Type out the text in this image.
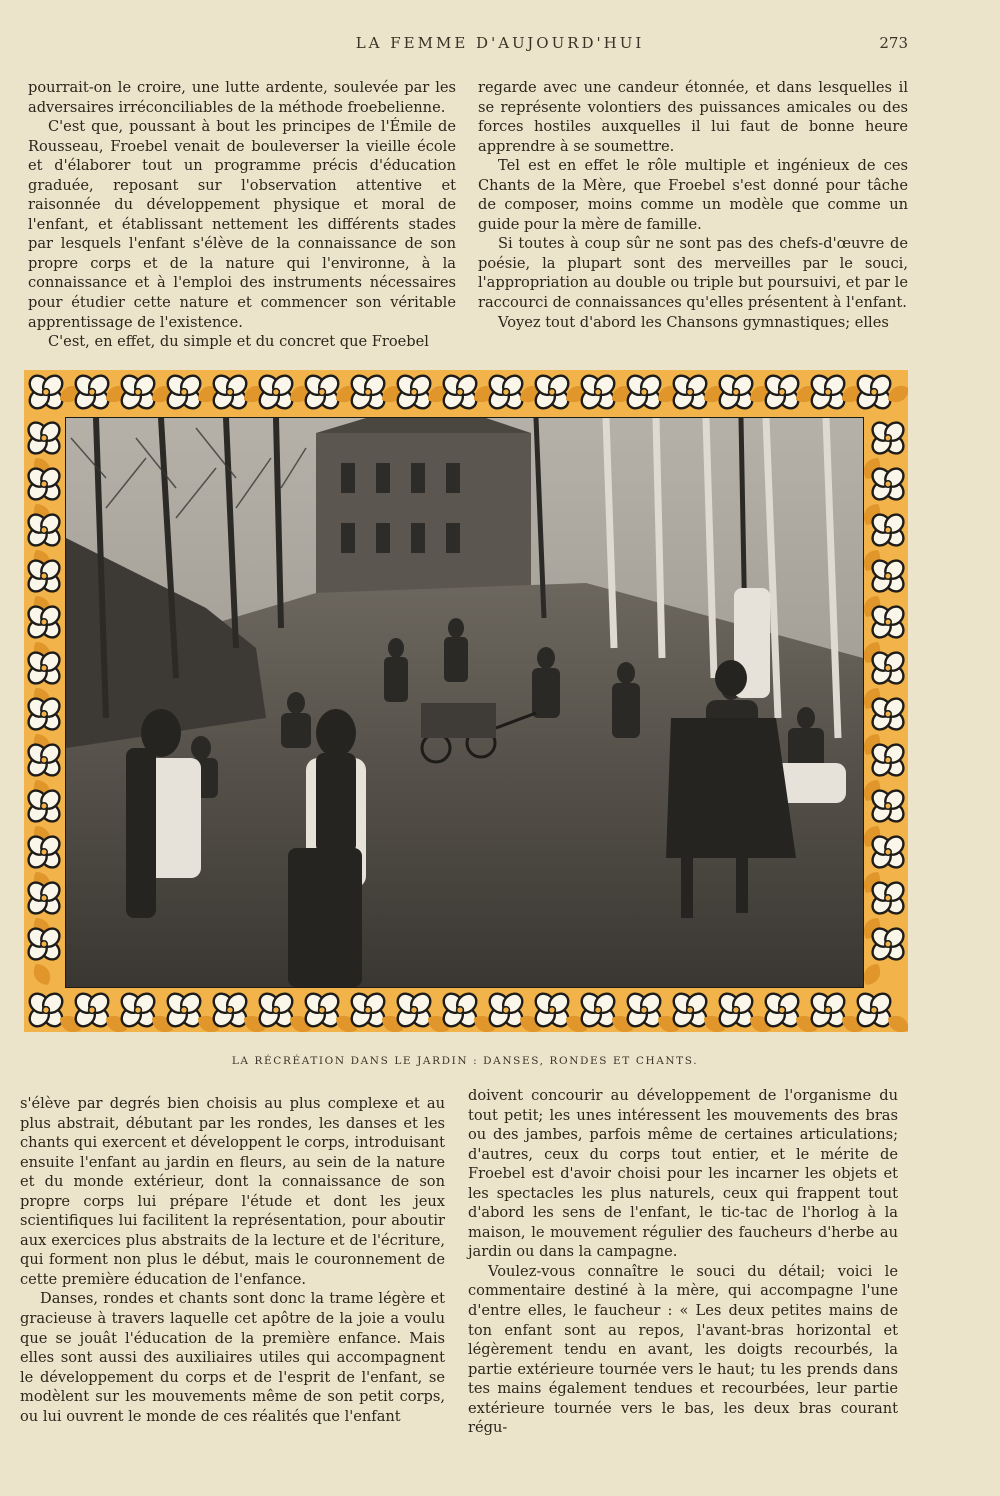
LA FEMME D'AUJOURD'HUI	273

pourrait-on le croire, une lutte ardente, soulevée par les adversaires irréconciliables de la méthode froebelienne.

C'est que, poussant à bout les principes de l'Émile de Rousseau, Froebel venait de bouleverser la vieille école et d'élaborer tout un programme précis d'éducation graduée, reposant sur l'observation attentive et raisonnée du développement physique et moral de l'enfant, et établissant nettement les différents stades par lesquels l'enfant s'élève de la connaissance de son propre corps et de la nature qui l'environne, à la connaissance et à l'emploi des instruments nécessaires pour étudier cette nature et commencer son véritable apprentissage de l'existence.

C'est, en effet, du simple et du concret que Froebel

regarde avec une candeur étonnée, et dans lesquelles il se représente volontiers des puissances amicales ou des forces hostiles auxquelles il lui faut de bonne heure apprendre à se soumettre.

Tel est en effet le rôle multiple et ingénieux de ces Chants de la Mère, que Froebel s'est donné pour tâche de composer, moins comme un modèle que comme un guide pour la mère de famille.

Si toutes à coup sûr ne sont pas des chefs-d'œuvre de poésie, la plupart sont des merveilles par le souci, l'appropriation au double ou triple but poursuivi, et par le raccourci de connaissances qu'elles présentent à l'enfant.

Voyez tout d'abord les Chansons gymnastiques; elles

LA RÉCRÉATION DANS LE JARDIN : DANSES, RONDES ET CHANTS.

s'élève par degrés bien choisis au plus complexe et au plus abstrait, débutant par les rondes, les danses et les chants qui exercent et développent le corps, introduisant ensuite l'enfant au jardin en fleurs, au sein de la nature et du monde extérieur, dont la connaissance de son propre corps lui prépare l'étude et dont les jeux scientifiques lui facilitent la représentation, pour aboutir aux exercices plus abstraits de la lecture et de l'écriture, qui forment non plus le début, mais le couronnement de cette première éducation de l'enfance.

Danses, rondes et chants sont donc la trame légère et gracieuse à travers laquelle cet apôtre de la joie a voulu que se jouât l'éducation de la première enfance. Mais elles sont aussi des auxiliaires utiles qui accompagnent le développement du corps et de l'esprit de l'enfant, se modèlent sur les mouvements même de son petit corps, ou lui ouvrent le monde de ces réalités que l'enfant

doivent concourir au développement de l'organisme du tout petit; les unes intéressent les mouvements des bras ou des jambes, parfois même de certaines articulations; d'autres, ceux du corps tout entier, et le mérite de Froebel est d'avoir choisi pour les incarner les objets et les spectacles les plus naturels, ceux qui frappent tout d'abord les sens de l'enfant, le tic-tac de l'horlog à la maison, le mouvement régulier des faucheurs d'herbe au jardin ou dans la campagne.

Voulez-vous connaître le souci du détail; voici le commentaire destiné à la mère, qui accompagne l'une d'entre elles, le faucheur : « Les deux petites mains de ton enfant sont au repos, l'avant-bras horizontal et légèrement tendu en avant, les doigts recourbés, la partie extérieure tournée vers le haut; tu les prends dans tes mains également tendues et recourbées, leur partie extérieure tournée vers le bas, les deux bras courant régu-
